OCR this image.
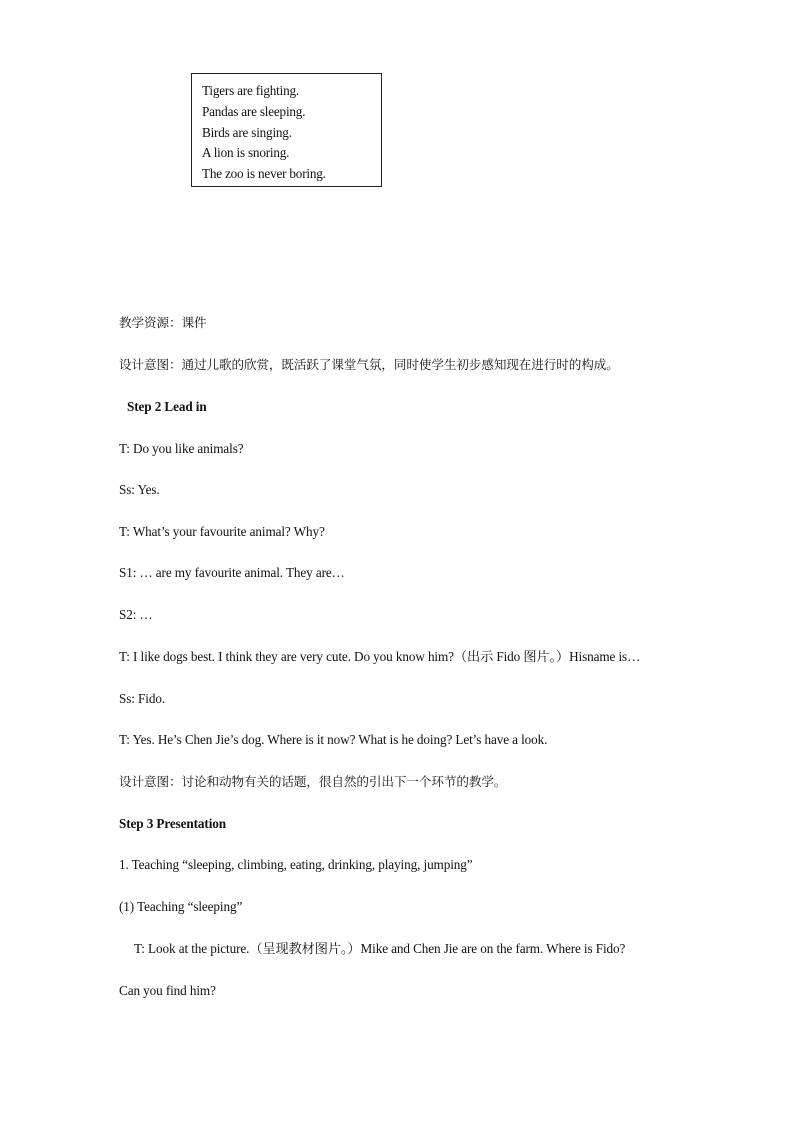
Tigers are fighting.
Pandas are sleeping.
Birds are singing.
A lion is snoring.
The zoo is never boring.
教学资源：课件
设计意图：通过儿歌的欣赏，既活跃了课堂气氛，同时使学生初步感知现在进行时的构成。
Step 2 Lead in
T: Do you like animals?
Ss: Yes.
T: What’s your favourite animal? Why?
S1: … are my favourite animal. They are…
S2: …
T: I like dogs best. I think they are very cute. Do you know him?（出示 Fido 图片。）Hisname is…
Ss: Fido.
T: Yes. He’s Chen Jie’s dog. Where is it now? What is he doing? Let’s have a look.
设计意图：讨论和动物有关的话题，很自然的引出下一个环节的教学。
Step 3 Presentation
1. Teaching “sleeping, climbing, eating, drinking, playing, jumping”
(1) Teaching “sleeping”
T: Look at the picture.（呈现教材图片。）Mike and Chen Jie are on the farm. Where is Fido?
Can you find him?
